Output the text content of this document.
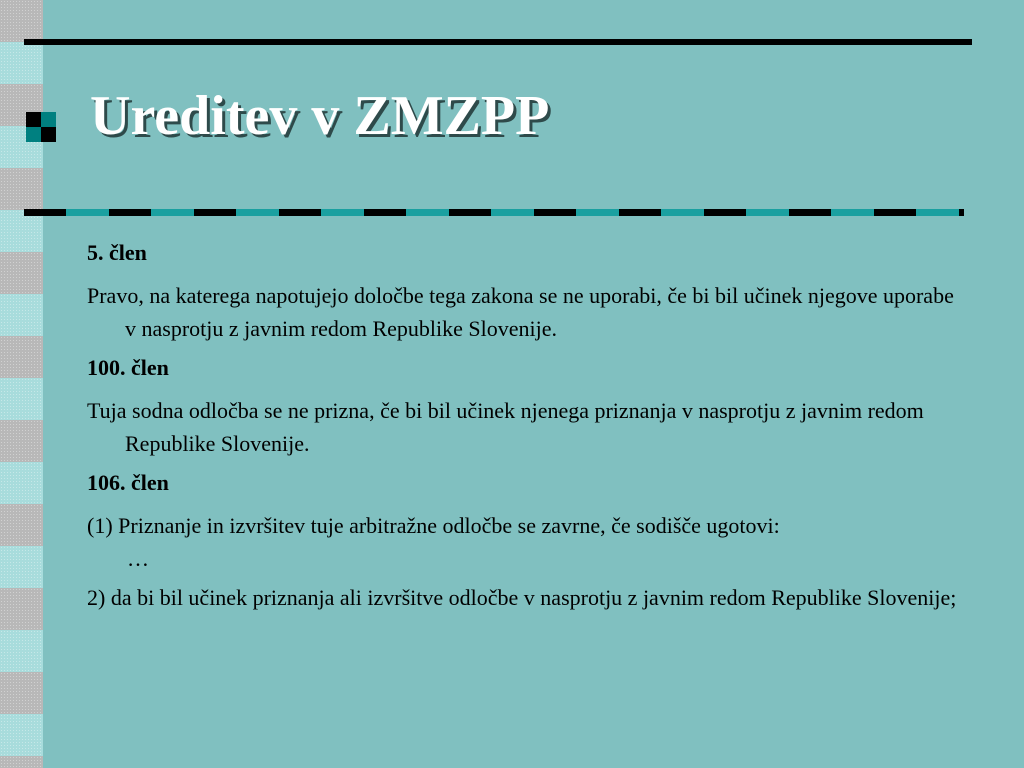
Ureditev v ZMZPP
5. člen
Pravo, na katerega napotujejo določbe tega zakona se ne uporabi, če bi bil učinek njegove uporabe v nasprotju z javnim redom Republike Slovenije.
100. člen
Tuja sodna odločba se ne prizna, če bi bil učinek njenega priznanja v nasprotju z javnim redom Republike Slovenije.
106. člen
(1) Priznanje in izvršitev tuje arbitražne odločbe se zavrne, če sodišče ugotovi:
…
2) da bi bil učinek priznanja ali izvršitve odločbe v nasprotju z javnim redom Republike Slovenije;
